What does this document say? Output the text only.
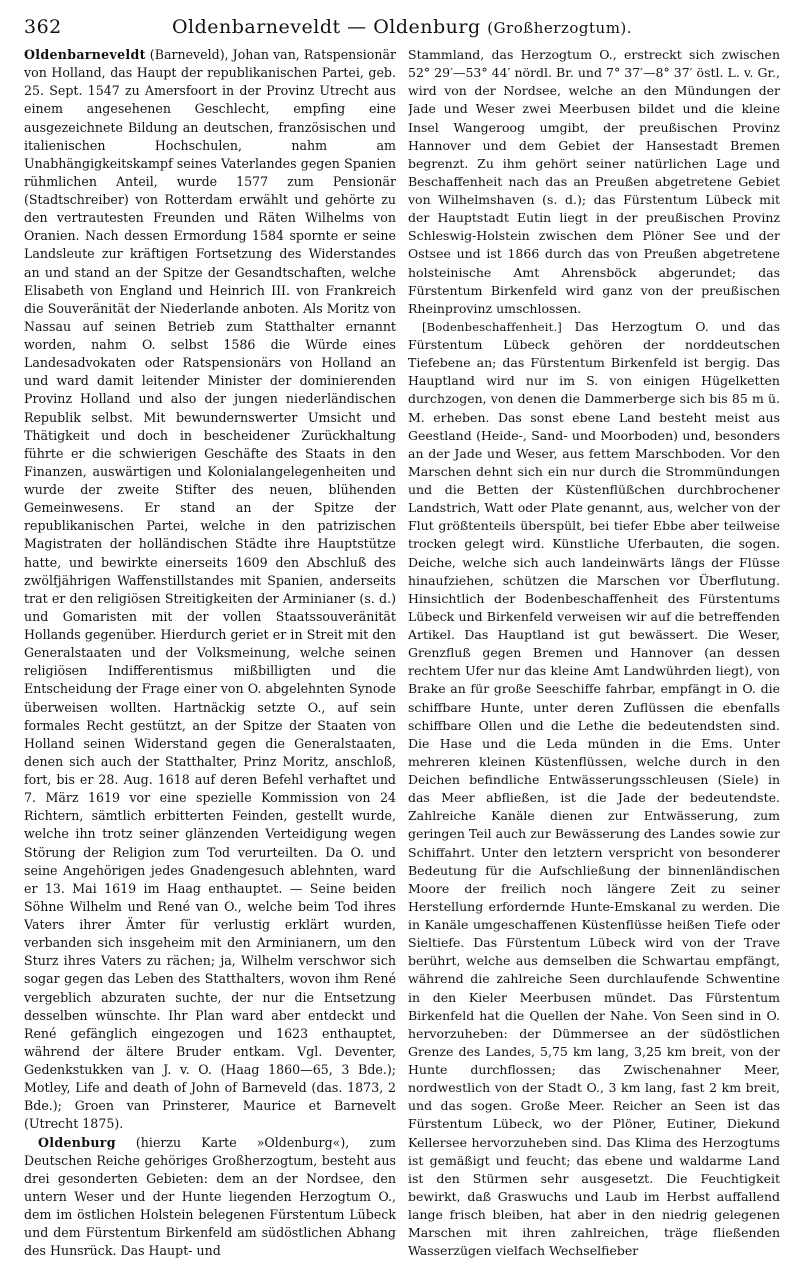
362	Oldenbarneveldt — Oldenburg (Großherzogtum).

Oldenbarneveldt (Barneveld), Johan van, Ratspensionär von Holland, das Haupt der republikanischen Partei, geb. 25. Sept. 1547 zu Amersfoort in der Provinz Utrecht aus einem angesehenen Geschlecht, empfing eine ausgezeichnete Bildung an deutschen, französischen und italienischen Hochschulen, nahm am Unabhängigkeitskampf seines Vaterlandes gegen Spanien rühmlichen Anteil, wurde 1577 zum Pensionär (Stadtschreiber) von Rotterdam erwählt und gehörte zu den vertrautesten Freunden und Räten Wilhelms von Oranien. Nach dessen Ermordung 1584 spornte er seine Landsleute zur kräftigen Fortsetzung des Widerstandes an und stand an der Spitze der Gesandtschaften, welche Elisabeth von England und Heinrich III. von Frankreich die Souveränität der Niederlande anboten. Als Moritz von Nassau auf seinen Betrieb zum Statthalter ernannt worden, nahm O. selbst 1586 die Würde eines Landesadvokaten oder Ratspensionärs von Holland an und ward damit leitender Minister der dominierenden Provinz Holland und also der jungen niederländischen Republik selbst. Mit bewundernswerter Umsicht und Thätigkeit und doch in bescheidener Zurückhaltung führte er die schwierigen Geschäfte des Staats in den Finanzen, auswärtigen und Kolonialangelegenheiten und wurde der zweite Stifter des neuen, blühenden Gemeinwesens. Er stand an der Spitze der republikanischen Partei, welche in den patrizischen Magistraten der holländischen Städte ihre Hauptstütze hatte, und bewirkte einerseits 1609 den Abschluß des zwölfjährigen Waffenstillstandes mit Spanien, anderseits trat er den religiösen Streitigkeiten der Arminianer (s. d.) und Gomaristen mit der vollen Staatssouveränität Hollands gegenüber. Hierdurch geriet er in Streit mit den Generalstaaten und der Volksmeinung, welche seinen religiösen Indifferentismus mißbilligten und die Entscheidung der Frage einer von O. abgelehnten Synode überweisen wollten. Hartnäckig setzte O., auf sein formales Recht gestützt, an der Spitze der Staaten von Holland seinen Widerstand gegen die Generalstaaten, denen sich auch der Statthalter, Prinz Moritz, anschloß, fort, bis er 28. Aug. 1618 auf deren Befehl verhaftet und 7. März 1619 vor eine spezielle Kommission von 24 Richtern, sämtlich erbitterten Feinden, gestellt wurde, welche ihn trotz seiner glänzenden Verteidigung wegen Störung der Religion zum Tod verurteilten. Da O. und seine Angehörigen jedes Gnadengesuch ablehnten, ward er 13. Mai 1619 im Haag enthauptet. — Seine beiden Söhne Wilhelm und René van O., welche beim Tod ihres Vaters ihrer Ämter für verlustig erklärt wurden, verbanden sich insgeheim mit den Arminianern, um den Sturz ihres Vaters zu rächen; ja, Wilhelm verschwor sich sogar gegen das Leben des Statthalters, wovon ihm René vergeblich abzuraten suchte, der nur die Entsetzung desselben wünschte. Ihr Plan ward aber entdeckt und René gefänglich eingezogen und 1623 enthauptet, während der ältere Bruder entkam. Vgl. Deventer, Gedenkstukken van J. v. O. (Haag 1860—65, 3 Bde.); Motley, Life and death of John of Barneveld (das. 1873, 2 Bde.); Groen van Prinsterer, Maurice et Barnevelt (Utrecht 1875).

Oldenburg (hierzu Karte »Oldenburg«), zum Deutschen Reiche gehöriges Großherzogtum, besteht aus drei gesonderten Gebieten: dem an der Nordsee, den untern Weser und der Hunte liegenden Herzogtum O., dem im östlichen Holstein belegenen Fürstentum Lübeck und dem Fürstentum Birkenfeld am südöstlichen Abhang des Hunsrück. Das Haupt- und

Stammland, das Herzogtum O., erstreckt sich zwischen 52° 29′—53° 44′ nördl. Br. und 7° 37′—8° 37′ östl. L. v. Gr., wird von der Nordsee, welche an den Mündungen der Jade und Weser zwei Meerbusen bildet und die kleine Insel Wangeroog umgibt, der preußischen Provinz Hannover und dem Gebiet der Hansestadt Bremen begrenzt. Zu ihm gehört seiner natürlichen Lage und Beschaffenheit nach das an Preußen abgetretene Gebiet von Wilhelmshaven (s. d.); das Fürstentum Lübeck mit der Hauptstadt Eutin liegt in der preußischen Provinz Schleswig-Holstein zwischen dem Plöner See und der Ostsee und ist 1866 durch das von Preußen abgetretene holsteinische Amt Ahrensböck abgerundet; das Fürstentum Birkenfeld wird ganz von der preußischen Rheinprovinz umschlossen.

[Bodenbeschaffenheit.] Das Herzogtum O. und das Fürstentum Lübeck gehören der norddeutschen Tiefebene an; das Fürstentum Birkenfeld ist bergig. Das Hauptland wird nur im S. von einigen Hügelketten durchzogen, von denen die Dammerberge sich bis 85 m ü. M. erheben. Das sonst ebene Land besteht meist aus Geestland (Heide-, Sand- und Moorboden) und, besonders an der Jade und Weser, aus fettem Marschboden. Vor den Marschen dehnt sich ein nur durch die Strommündungen und die Betten der Küstenflüßchen durchbrochener Landstrich, Watt oder Plate genannt, aus, welcher von der Flut größtenteils überspült, bei tiefer Ebbe aber teilweise trocken gelegt wird. Künstliche Uferbauten, die sogen. Deiche, welche sich auch landeinwärts längs der Flüsse hinaufziehen, schützen die Marschen vor Überflutung. Hinsichtlich der Bodenbeschaffenheit des Fürstentums Lübeck und Birkenfeld verweisen wir auf die betreffenden Artikel. Das Hauptland ist gut bewässert. Die Weser, Grenzfluß gegen Bremen und Hannover (an dessen rechtem Ufer nur das kleine Amt Landwührden liegt), von Brake an für große Seeschiffe fahrbar, empfängt in O. die schiffbare Hunte, unter deren Zuflüssen die ebenfalls schiffbare Ollen und die Lethe die bedeutendsten sind. Die Hase und die Leda münden in die Ems. Unter mehreren kleinen Küstenflüssen, welche durch in den Deichen befindliche Entwässerungsschleusen (Siele) in das Meer abfließen, ist die Jade der bedeutendste. Zahlreiche Kanäle dienen zur Entwässerung, zum geringen Teil auch zur Bewässerung des Landes sowie zur Schiffahrt. Unter den letztern verspricht von besonderer Bedeutung für die Aufschließung der binnenländischen Moore der freilich noch längere Zeit zu seiner Herstellung erfordernde Hunte-Emskanal zu werden. Die in Kanäle umgeschaffenen Küstenflüsse heißen Tiefe oder Sieltiefe. Das Fürstentum Lübeck wird von der Trave berührt, welche aus demselben die Schwartau empfängt, während die zahlreiche Seen durchlaufende Schwentine in den Kieler Meerbusen mündet. Das Fürstentum Birkenfeld hat die Quellen der Nahe. Von Seen sind in O. hervorzuheben: der Dümmersee an der südöstlichen Grenze des Landes, 5,75 km lang, 3,25 km breit, von der Hunte durchflossen; das Zwischenahner Meer, nordwestlich von der Stadt O., 3 km lang, fast 2 km breit, und das sogen. Große Meer. Reicher an Seen ist das Fürstentum Lübeck, wo der Plöner, Eutiner, Diekund Kellersee hervorzuheben sind. Das Klima des Herzogtums ist gemäßigt und feucht; das ebene und waldarme Land ist den Stürmen sehr ausgesetzt. Die Feuchtigkeit bewirkt, daß Graswuchs und Laub im Herbst auffallend lange frisch bleiben, hat aber in den niedrig gelegenen Marschen mit ihren zahlreichen, träge fließenden Wasserzügen vielfach Wechselfieber
